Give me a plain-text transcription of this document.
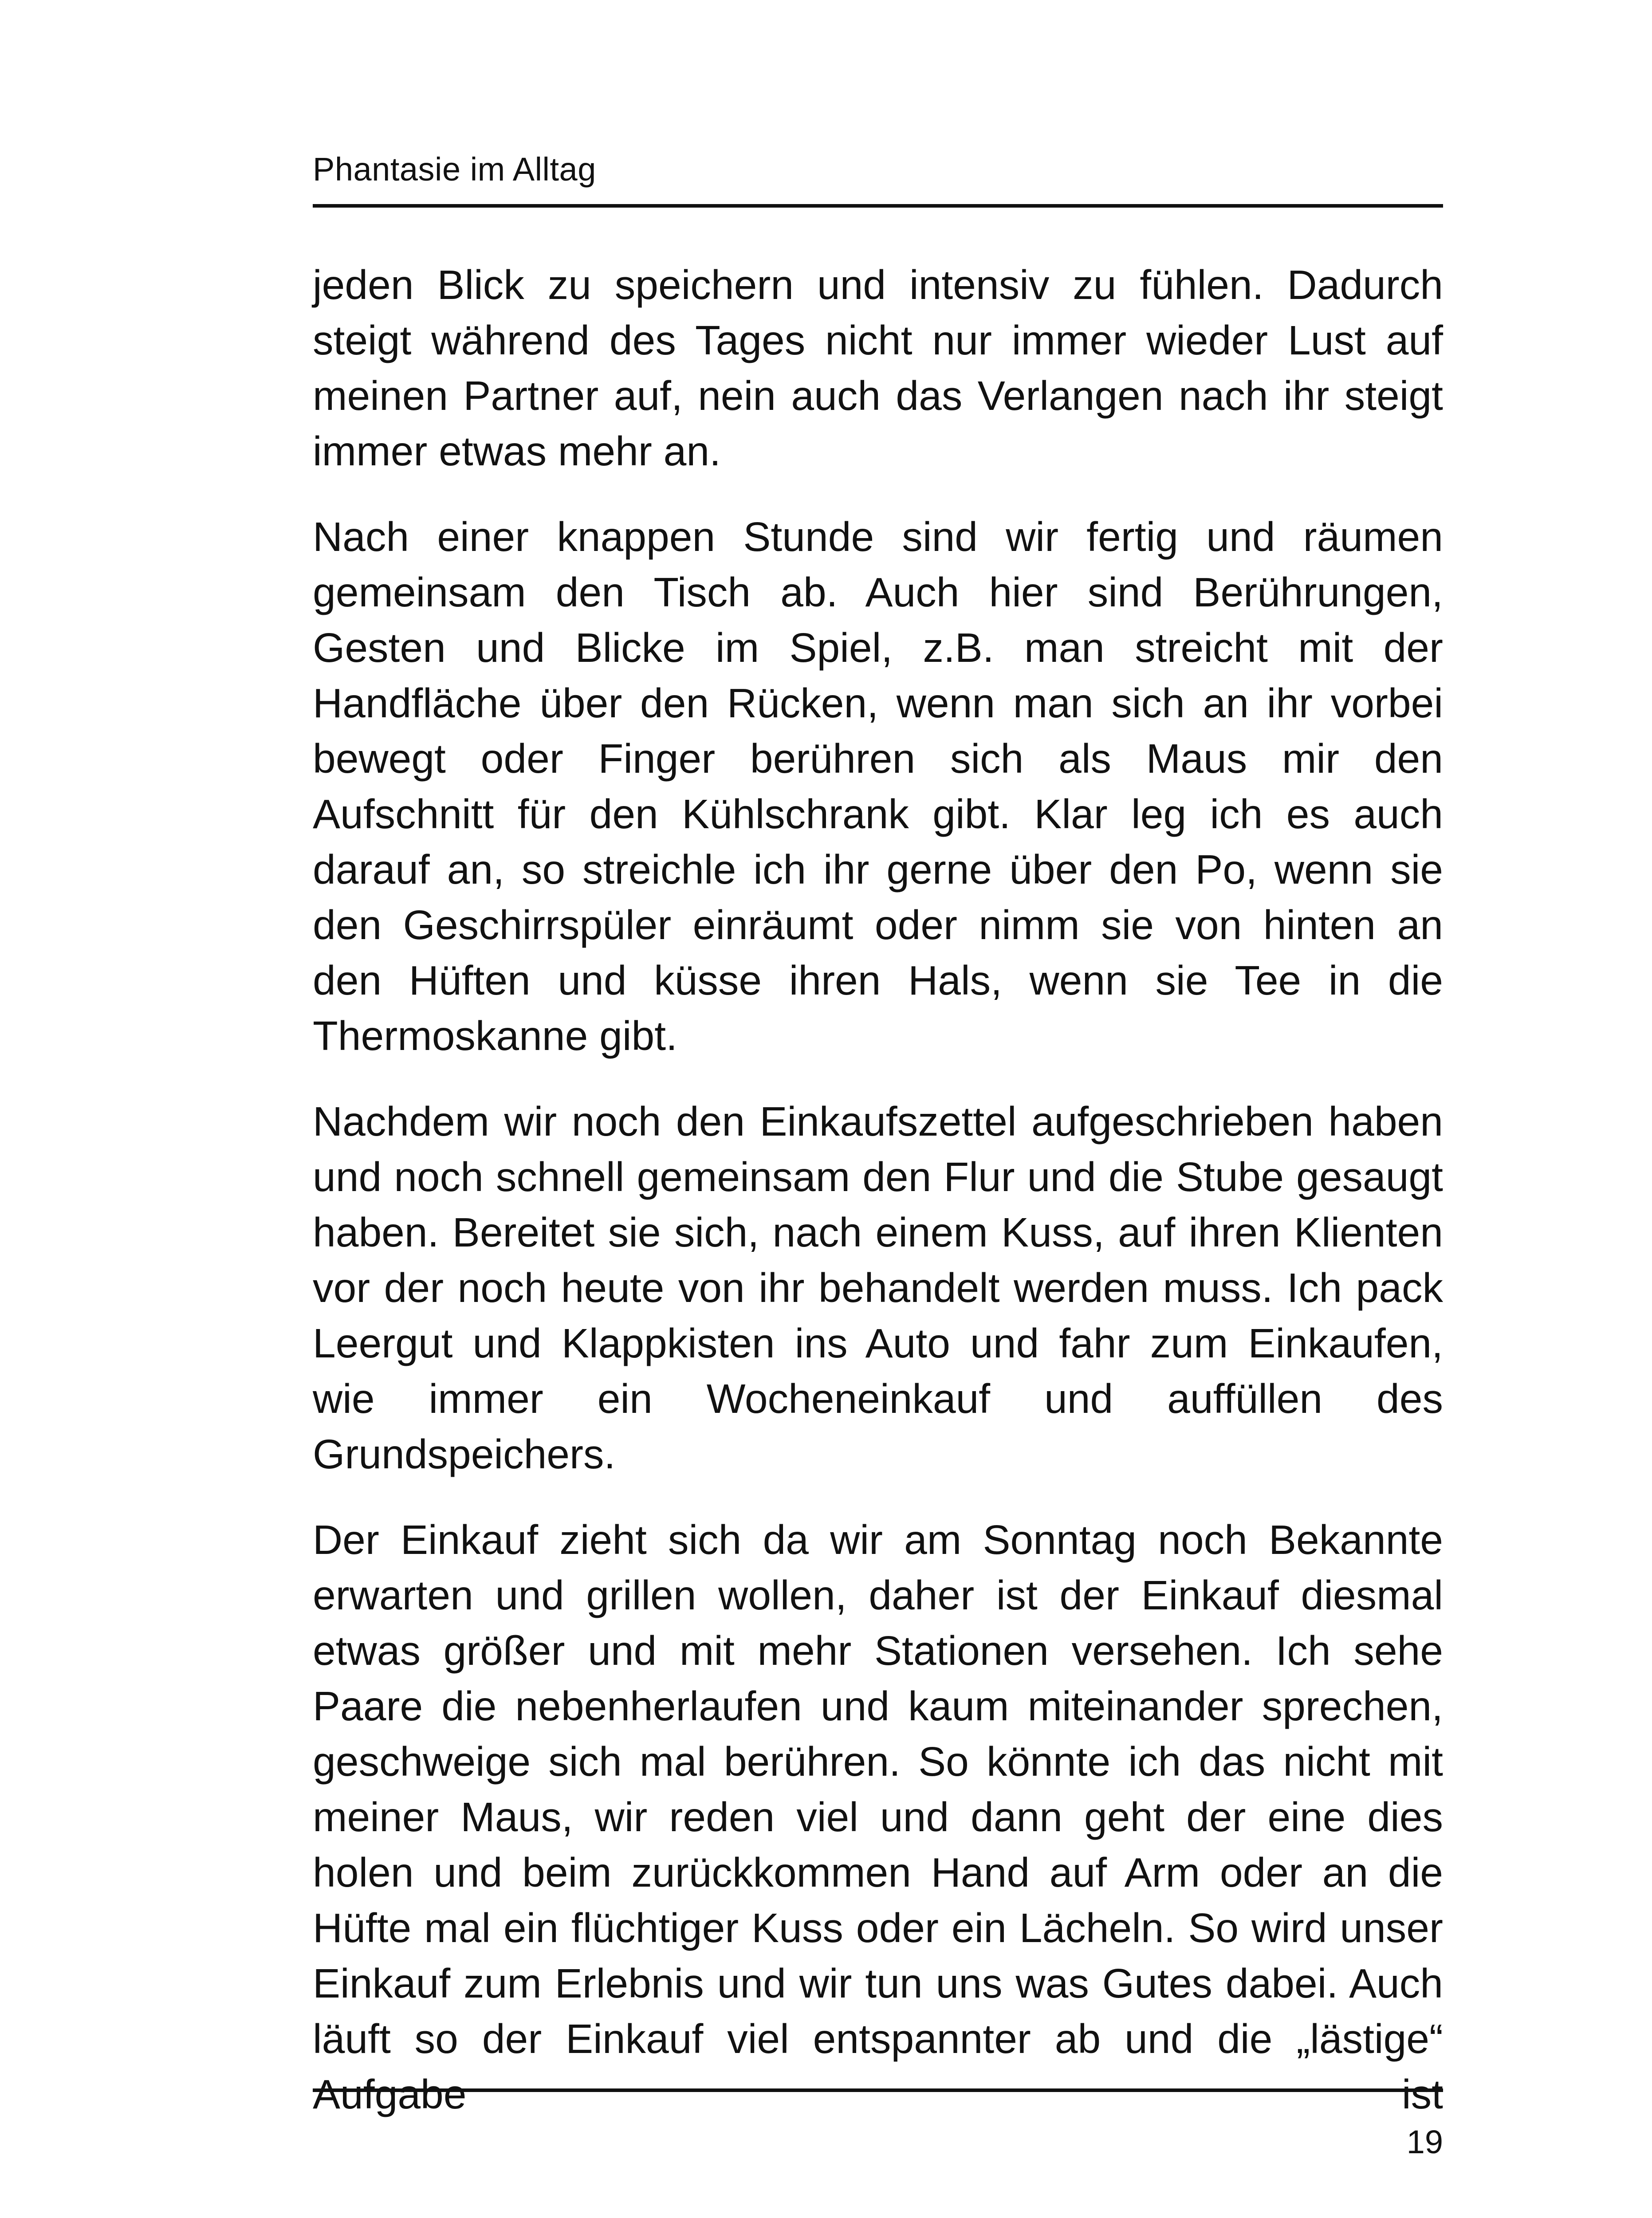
Phantasie im Alltag

jeden Blick zu speichern und intensiv zu fühlen. Dadurch steigt während des Tages nicht nur immer wieder Lust auf meinen Partner auf, nein auch das Verlangen nach ihr steigt immer etwas mehr an.

Nach einer knappen Stunde sind wir fertig und räumen gemeinsam den Tisch ab. Auch hier sind Berührungen, Gesten und Blicke im Spiel, z.B. man streicht mit der Handfläche über den Rücken, wenn man sich an ihr vorbei bewegt oder Finger berühren sich als Maus mir den Aufschnitt für den Kühlschrank gibt. Klar leg ich es auch darauf an, so streichle ich ihr gerne über den Po, wenn sie den Geschirrspüler einräumt oder nimm sie von hinten an den Hüften und küsse ihren Hals, wenn sie Tee in die Thermoskanne gibt.

Nachdem wir noch den Einkaufszettel aufgeschrieben haben und noch schnell gemeinsam den Flur und die Stube gesaugt haben. Bereitet sie sich, nach einem Kuss, auf ihren Klienten vor der noch heute von ihr behandelt werden muss. Ich pack Leergut und Klappkisten ins Auto und fahr zum Einkaufen, wie immer ein Wocheneinkauf und auffüllen des Grundspeichers.

Der Einkauf zieht sich da wir am Sonntag noch Bekannte erwarten und grillen wollen, daher ist der Einkauf diesmal etwas größer und mit mehr Stationen versehen. Ich sehe Paare die nebenherlaufen und kaum miteinander sprechen, geschweige sich mal berühren. So könnte ich das nicht mit meiner Maus, wir reden viel und dann geht der eine dies holen und beim zurückkommen Hand auf Arm oder an die Hüfte mal ein flüchtiger Kuss oder ein Lächeln. So wird unser Einkauf zum Erlebnis und wir tun uns was Gutes dabei. Auch läuft so der Einkauf viel entspannter ab und die „lästige“ Aufgabe ist

19
